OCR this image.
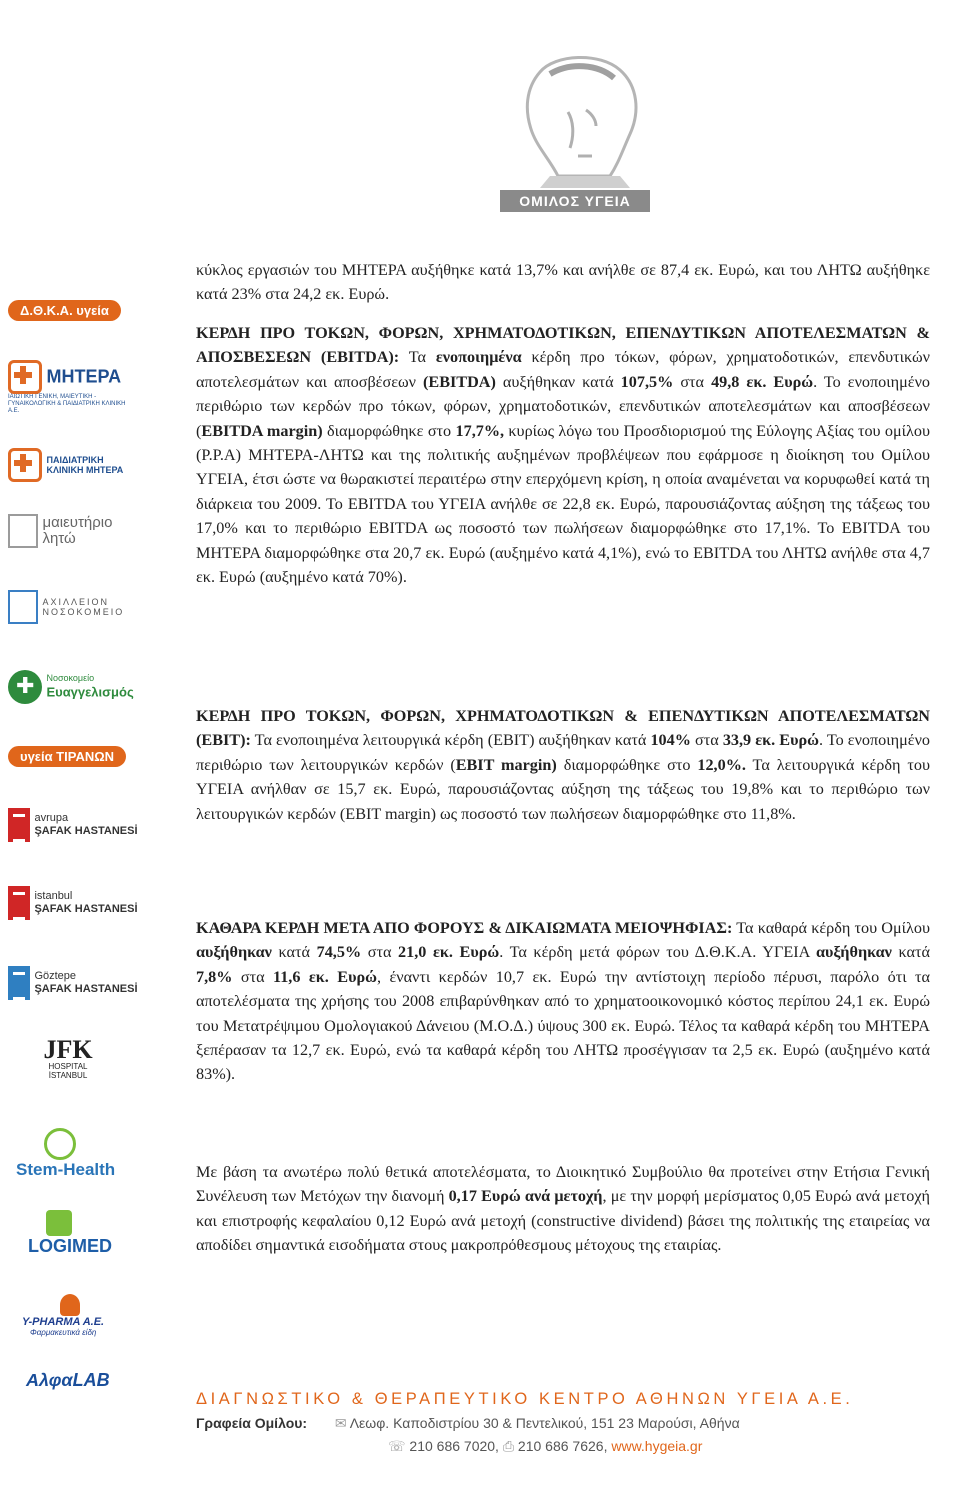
ΟΜΙΛΟΣ ΥΓΕΙΑ
Δ.Θ.Κ.Α. υγεία
ΜΗΤΕΡΑ
ΙΑΙΩΤΙΚΗ ΓΕΝΙΚΗ, ΜΑΙΕΥΤΙΚΗ - ΓΥΝΑΙΚΟΛΟΓΙΚΗ & ΠΑΙΔΙΑΤΡΙΚΗ ΚΛΙΝΙΚΗ Α.Ε.
ΠΑΙΔΙΑΤΡΙΚΗ ΚΛΙΝΙΚΗ ΜΗΤΕΡΑ
μαιευτήριο λητώ
ΑΧΙΛΛΕΙΟΝ ΝΟΣΟΚΟΜΕΙΟ
✚
Νοσοκομείο
Ευαγγελισμός
υγεία ΤΙΡΑΝΩΝ
avrupa
ŞAFAK HASTANESİ
istanbul
ŞAFAK HASTANESİ
Göztepe
ŞAFAK HASTANESİ
JFK
HOSPITAL İSTANBUL
Stem-Health
LOGIMED
Y-PHARMA A.E.
Φαρμακευτικά είδη
ΑλφαLAB

κύκλος εργασιών του ΜΗΤΕΡΑ αυξήθηκε κατά 13,7% και ανήλθε σε 87,4 εκ. Ευρώ, και του ΛΗΤΩ αυξήθηκε κατά 23% στα 24,2 εκ. Ευρώ.

ΚΕΡΔΗ ΠΡΟ ΤΟΚΩΝ, ΦΟΡΩΝ, ΧΡΗΜΑΤΟΔΟΤΙΚΩΝ, ΕΠΕΝΔΥΤΙΚΩΝ ΑΠΟΤΕΛΕΣΜΑΤΩΝ & ΑΠΟΣΒΕΣΕΩΝ (EBITDA): Τα ενοποιημένα κέρδη προ τόκων, φόρων, χρηματοδοτικών, επενδυτικών αποτελεσμάτων και αποσβέσεων (EBITDA) αυξήθηκαν κατά 107,5% στα 49,8 εκ. Ευρώ. Το ενοποιημένο περιθώριο των κερδών προ τόκων, φόρων, χρηματοδοτικών, επενδυτικών αποτελεσμάτων και αποσβέσεων (EBITDA margin) διαμορφώθηκε στο 17,7%, κυρίως λόγω του Προσδιορισμού της Εύλογης Αξίας του ομίλου (Ρ.Ρ.Α) ΜΗΤΕΡΑ-ΛΗΤΩ και της πολιτικής αυξημένων προβλέψεων που εφάρμοσε η διοίκηση του Ομίλου ΥΓΕΙΑ, έτσι ώστε να θωρακιστεί περαιτέρω στην επερχόμενη κρίση, η οποία αναμένεται να κορυφωθεί κατά τη διάρκεια του 2009. Το EBITDA του ΥΓΕΙΑ ανήλθε σε 22,8 εκ. Ευρώ, παρουσιάζοντας αύξηση της τάξεως του 17,0% και το περιθώριο EBITDA ως ποσοστό των πωλήσεων διαμορφώθηκε στο 17,1%. Το EBITDA του ΜΗΤΕΡΑ διαμορφώθηκε στα 20,7 εκ. Ευρώ (αυξημένο κατά 4,1%), ενώ το EBITDA του ΛΗΤΩ ανήλθε στα 4,7 εκ. Ευρώ (αυξημένο κατά 70%).

ΚΕΡΔΗ ΠΡΟ ΤΟΚΩΝ, ΦΟΡΩΝ, ΧΡΗΜΑΤΟΔΟΤΙΚΩΝ & ΕΠΕΝΔΥΤΙΚΩΝ ΑΠΟΤΕΛΕΣΜΑΤΩΝ (EBIT): Τα ενοποιημένα λειτουργικά κέρδη (EBIT) αυξήθηκαν κατά 104% στα 33,9 εκ. Ευρώ. Το ενοποιημένο περιθώριο των λειτουργικών κερδών (EBIT margin) διαμορφώθηκε στο 12,0%. Τα λειτουργικά κέρδη του ΥΓΕΙΑ ανήλθαν σε 15,7 εκ. Ευρώ, παρουσιάζοντας αύξηση της τάξεως του 19,8% και το περιθώριο των λειτουργικών κερδών (EBIT margin) ως ποσοστό των πωλήσεων διαμορφώθηκε στο 11,8%.

ΚΑΘΑΡΑ ΚΕΡΔΗ ΜΕΤΑ ΑΠΟ ΦΟΡΟΥΣ & ΔΙΚΑΙΩΜΑΤΑ ΜΕΙΟΨΗΦΙΑΣ: Τα καθαρά κέρδη του Ομίλου αυξήθηκαν κατά 74,5% στα 21,0 εκ. Ευρώ. Τα κέρδη μετά φόρων του Δ.Θ.Κ.Α. ΥΓΕΙΑ αυξήθηκαν κατά 7,8% στα 11,6 εκ. Ευρώ, έναντι κερδών 10,7 εκ. Ευρώ την αντίστοιχη περίοδο πέρυσι, παρόλο ότι τα αποτελέσματα της χρήσης του 2008 επιβαρύνθηκαν από το χρηματοοικονομικό κόστος περίπου 24,1 εκ. Ευρώ του Μετατρέψιμου Ομολογιακού Δάνειου (Μ.Ο.Δ.) ύψους 300 εκ. Ευρώ. Τέλος τα καθαρά κέρδη του ΜΗΤΕΡΑ ξεπέρασαν τα 12,7 εκ. Ευρώ, ενώ τα καθαρά κέρδη του ΛΗΤΩ προσέγγισαν τα 2,5 εκ. Ευρώ (αυξημένο κατά 83%).

Με βάση τα ανωτέρω πολύ θετικά αποτελέσματα, το Διοικητικό Συμβούλιο θα προτείνει στην Ετήσια Γενική Συνέλευση των Μετόχων την διανομή 0,17 Ευρώ ανά μετοχή, με την μορφή μερίσματος 0,05 Ευρώ ανά μετοχή και επιστροφής κεφαλαίου 0,12 Ευρώ ανά μετοχή (constructive dividend) βάσει της πολιτικής της εταιρείας να αποδίδει σημαντικά εισοδήματα στους μακροπρόθεσμους μέτοχους της εταιρίας.

ΔΙΑΓΝΩΣΤΙΚΟ & ΘΕΡΑΠΕΥΤΙΚΟ ΚΕΝΤΡΟ ΑΘΗΝΩΝ ΥΓΕΙΑ Α.Ε.
Γραφεία Ομίλου: ✉ Λεωφ. Καποδιστρίου 30 & Πεντελικού, 151 23 Μαρούσι, Αθήνα
☏ 210 686 7020, ⎙ 210 686 7626, www.hygeia.gr
